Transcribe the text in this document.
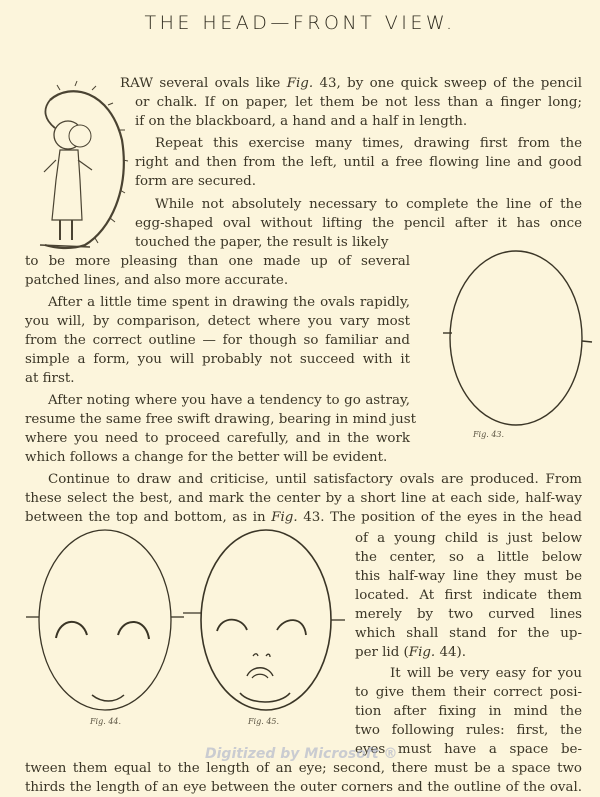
THE HEAD—FRONT VIEW.
RAW several ovals like Fig. 43, by one quick sweep of the pencil
or chalk. If on paper, let them be not less than a finger long;
if on the blackboard, a hand and a half in length.
Repeat this exercise many times, drawing first from the
right and then from the left, until a free flowing line and good
form are secured.
While not absolutely necessary to complete the line of the
egg-shaped oval without lifting the pencil after it has once
touched the paper, the result is likely
to be more pleasing than one made up of several
patched lines, and also more accurate.
After a little time spent in drawing the ovals rapidly,
you will, by comparison, detect where you vary most
from the correct outline — for though so familiar and
simple a form, you will probably not succeed with it
at first.
After noting where you have a tendency to go astray,
resume the same free swift drawing, bearing in mind just
where you need to proceed carefully, and in the work
which follows a change for the better will be evident.
Continue to draw and criticise, until satisfactory ovals are produced. From
these select the best, and mark the center by a short line at each side, half-way
between the top and bottom, as in Fig. 43. The position of the eyes in the head
of a young child is just below
the center, so a little below
this half-way line they must be
located. At first indicate them
merely by two curved lines
which shall stand for the up-
per lid (Fig. 44).
It will be very easy for you
to give them their correct posi-
tion after fixing in mind the
two following rules: first, the
eyes must have a space be-
tween them equal to the length of an eye; second, there must be a space two
thirds the length of an eye between the outer corners and the outline of the oval.
Fig. 43.
Fig. 44.	Fig. 45.
Digitized by Microsoft ®
